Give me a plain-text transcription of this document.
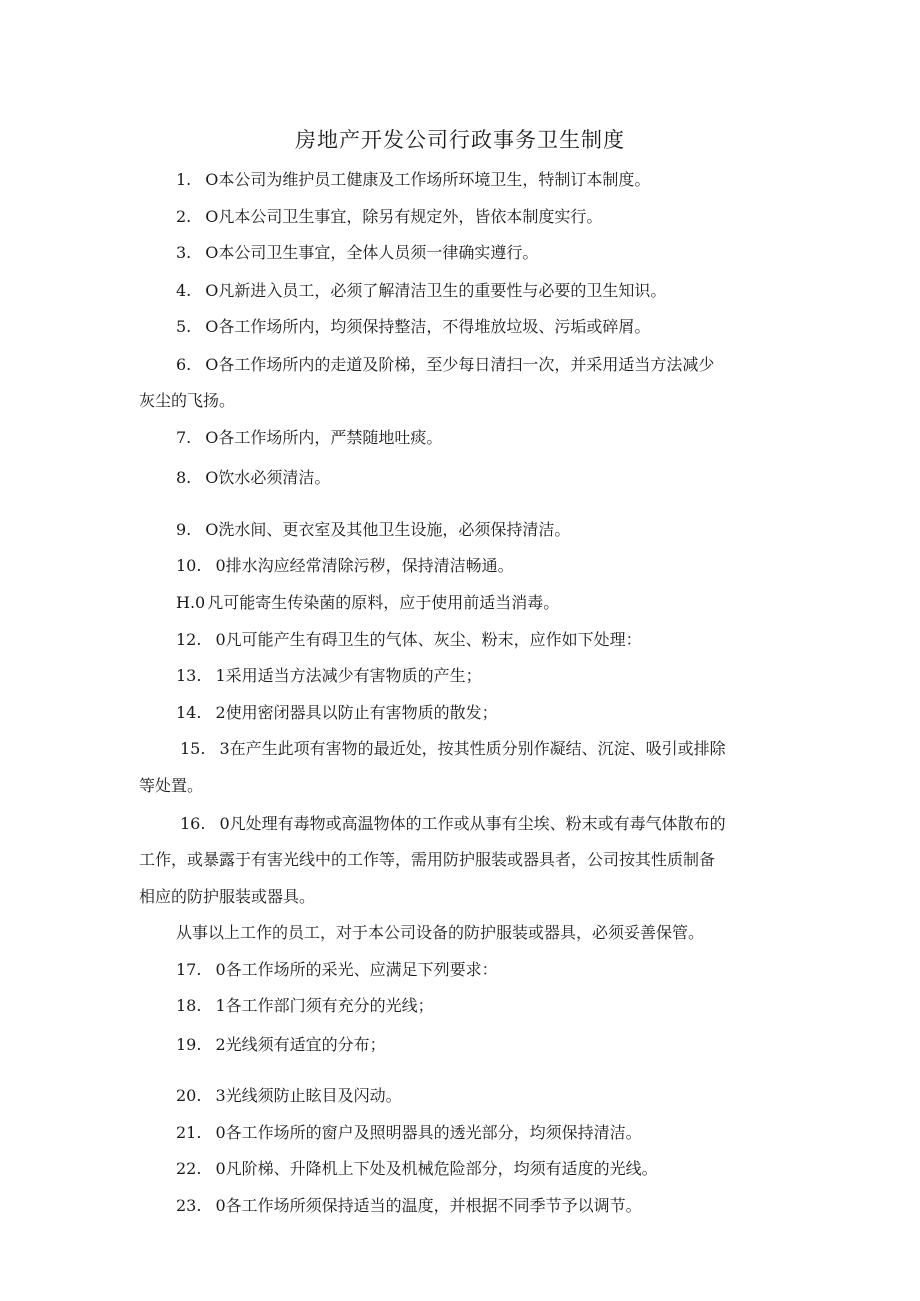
房地产开发公司行政事务卫生制度
1. O本公司为维护员工健康及工作场所环境卫生，特制订本制度。
2. O凡本公司卫生事宜，除另有规定外，皆依本制度实行。
3. O本公司卫生事宜，全体人员须一律确实遵行。
4. O凡新进入员工，必须了解清洁卫生的重要性与必要的卫生知识。
5. O各工作场所内，均须保持整洁，不得堆放垃圾、污垢或碎屑。
6. O各工作场所内的走道及阶梯，至少每日清扫一次，并采用适当方法减少
灰尘的飞扬。
7. O各工作场所内，严禁随地吐痰。
8. O饮水必须清洁。
9. O洗水间、更衣室及其他卫生设施，必须保持清洁。
10. 0排水沟应经常清除污秽，保持清洁畅通。
H.0 凡可能寄生传染菌的原料，应于使用前适当消毒。
12. 0凡可能产生有碍卫生的气体、灰尘、粉末，应作如下处理：
13. 1采用适当方法减少有害物质的产生；
14. 2使用密闭器具以防止有害物质的散发；
15. 3在产生此项有害物的最近处，按其性质分别作凝结、沉淀、吸引或排除
等处置。
16. 0凡处理有毒物或高温物体的工作或从事有尘埃、粉末或有毒气体散布的
工作，或暴露于有害光线中的工作等，需用防护服装或器具者，公司按其性质制备
相应的防护服装或器具。
从事以上工作的员工，对于本公司设备的防护服装或器具，必须妥善保管。
17. 0各工作场所的采光、应满足下列要求：
18. 1各工作部门须有充分的光线；
19. 2光线须有适宜的分布；
20. 3光线须防止眩目及闪动。
21. 0各工作场所的窗户及照明器具的透光部分，均须保持清洁。
22. 0凡阶梯、升降机上下处及机械危险部分，均须有适度的光线。
23. 0各工作场所须保持适当的温度，并根据不同季节予以调节。
